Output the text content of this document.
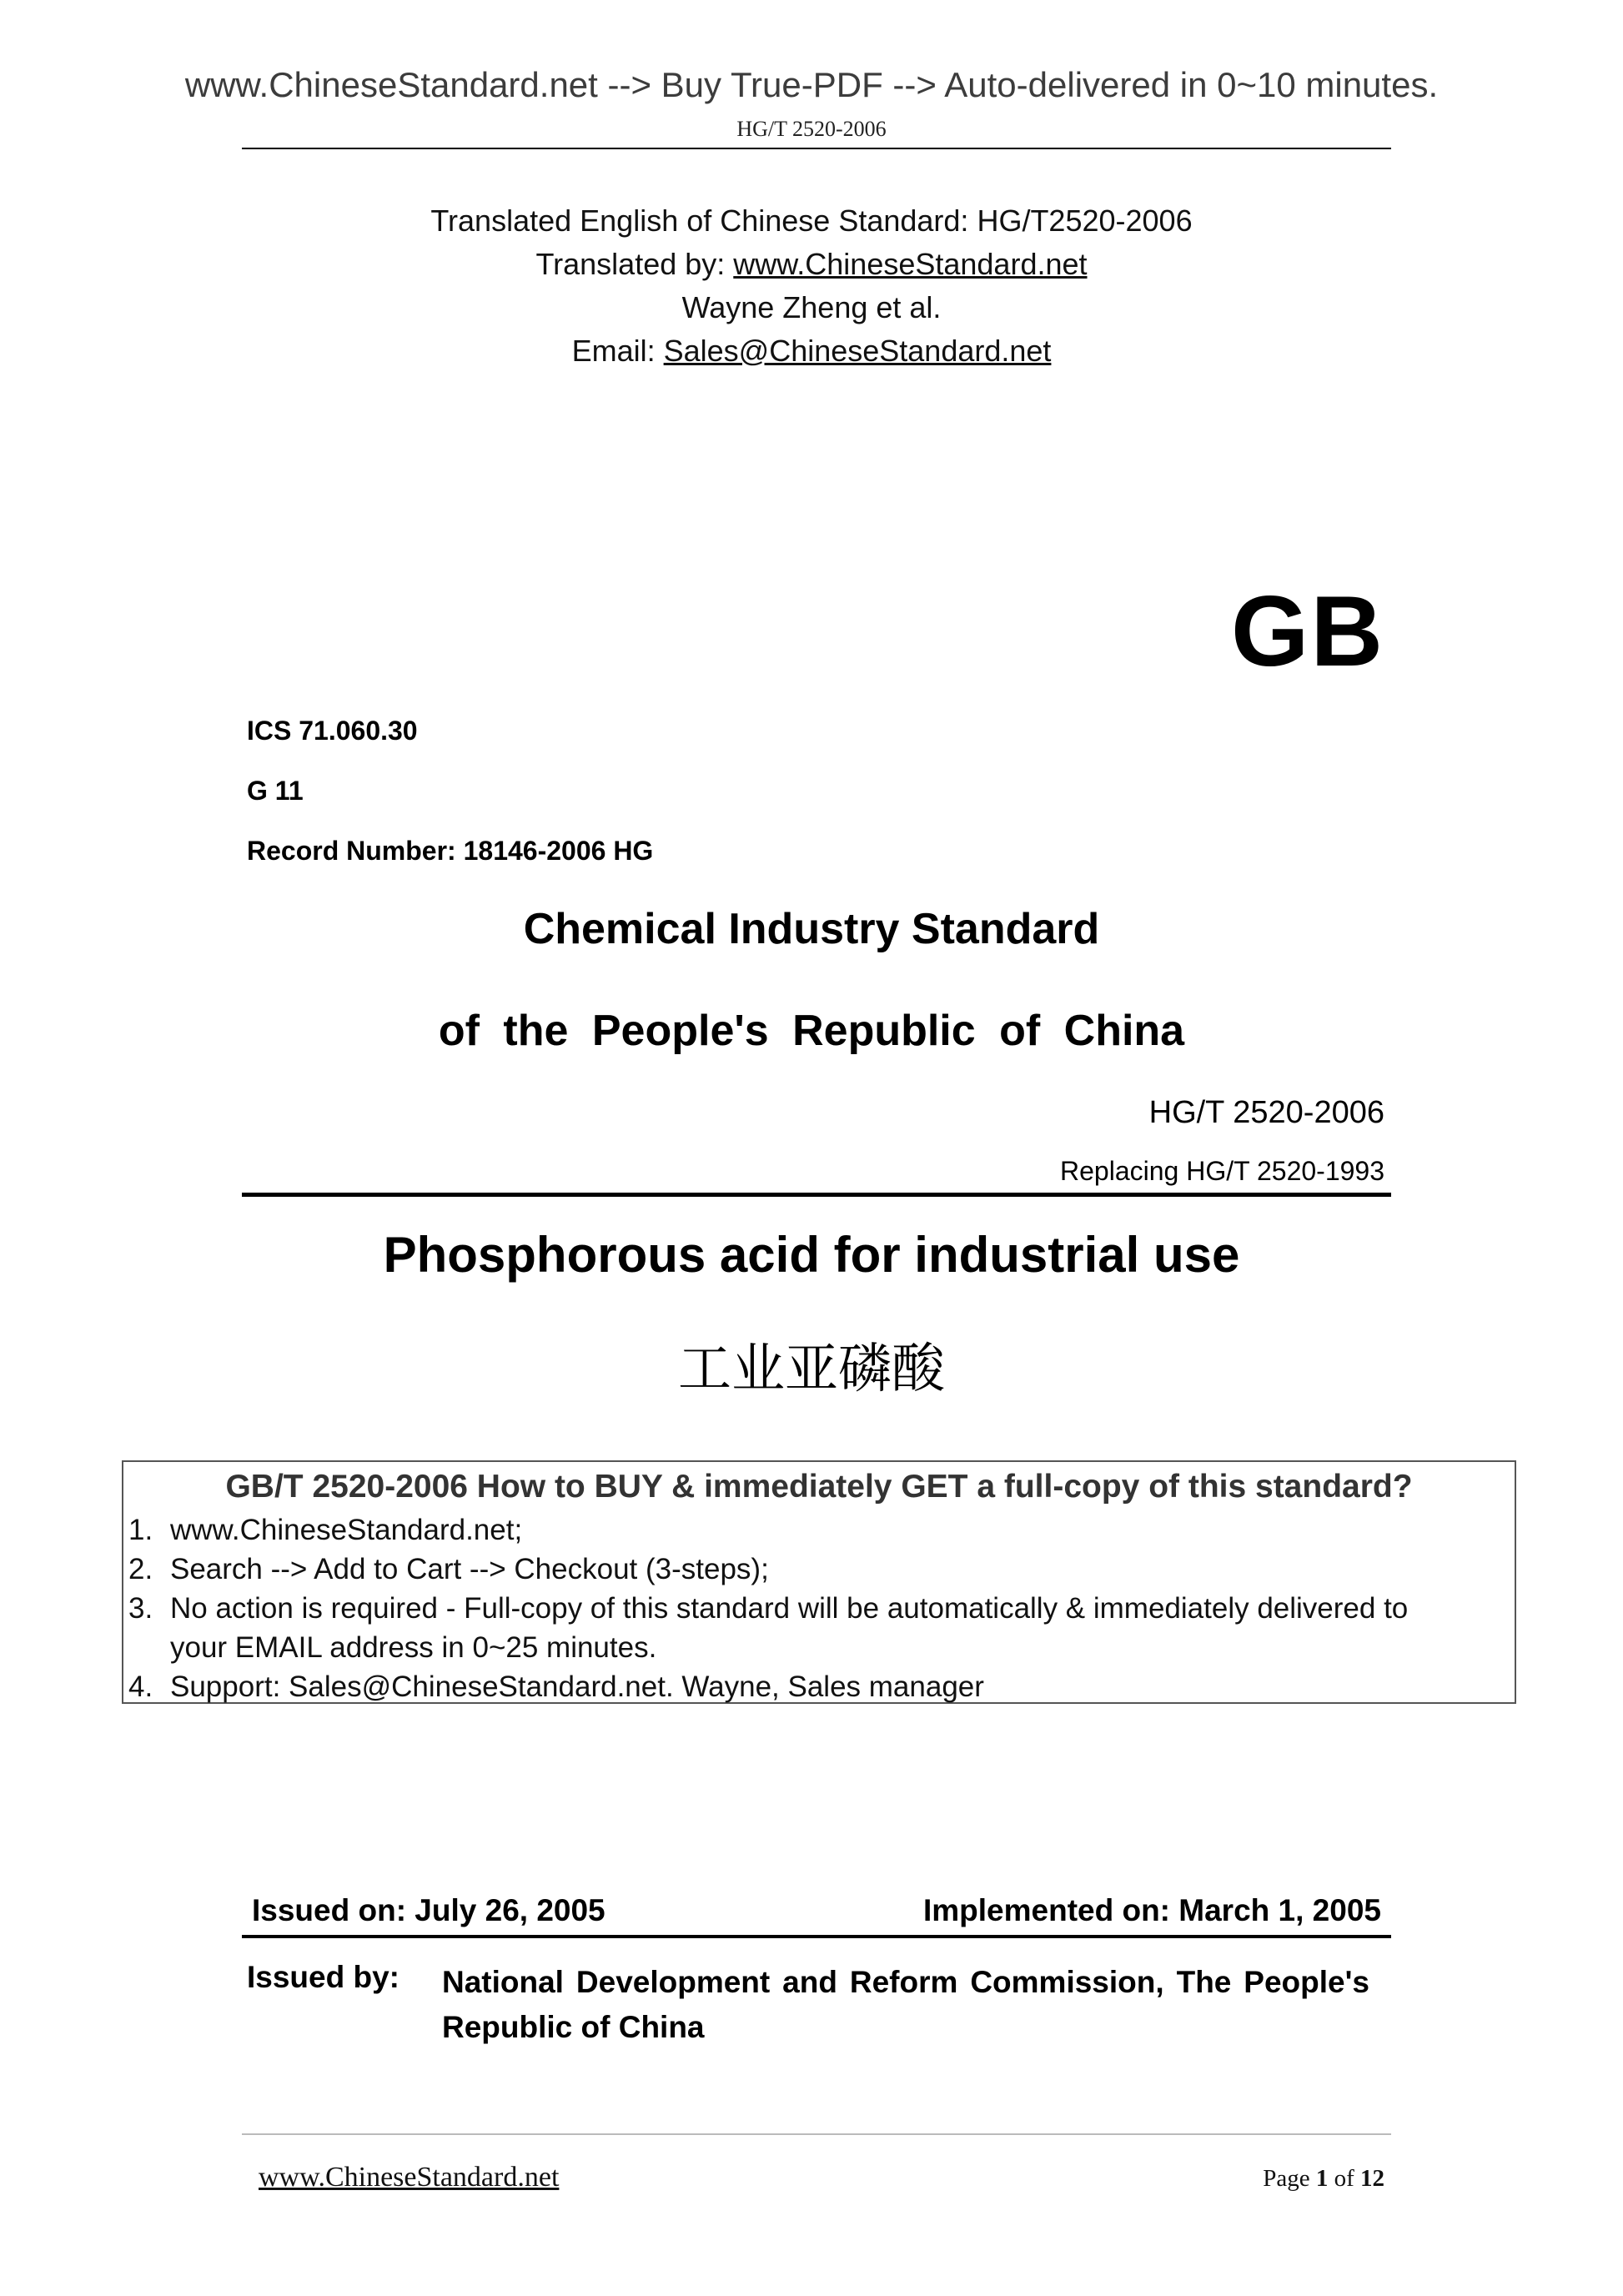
www.ChineseStandard.net --> Buy True-PDF --> Auto-delivered in 0~10 minutes.
HG/T 2520-2006
Translated English of Chinese Standard: HG/T2520-2006
Translated by: www.ChineseStandard.net
Wayne Zheng et al.
Email: Sales@ChineseStandard.net
GB
ICS 71.060.30
G 11
Record Number: 18146-2006 HG
Chemical Industry Standard
of the People's Republic of China
HG/T 2520-2006
Replacing HG/T 2520-1993
Phosphorous acid for industrial use
工业亚磷酸
GB/T 2520-2006 How to BUY & immediately GET a full-copy of this standard?
1. www.ChineseStandard.net;
2. Search --> Add to Cart --> Checkout (3-steps);
3. No action is required - Full-copy of this standard will be automatically & immediately delivered to
your EMAIL address in 0~25 minutes.
4. Support: Sales@ChineseStandard.net. Wayne, Sales manager
Issued on: July 26, 2005	Implemented on: March 1, 2005
Issued by: National Development and Reform Commission, The People's Republic of China
www.ChineseStandard.net	Page 1 of 12
